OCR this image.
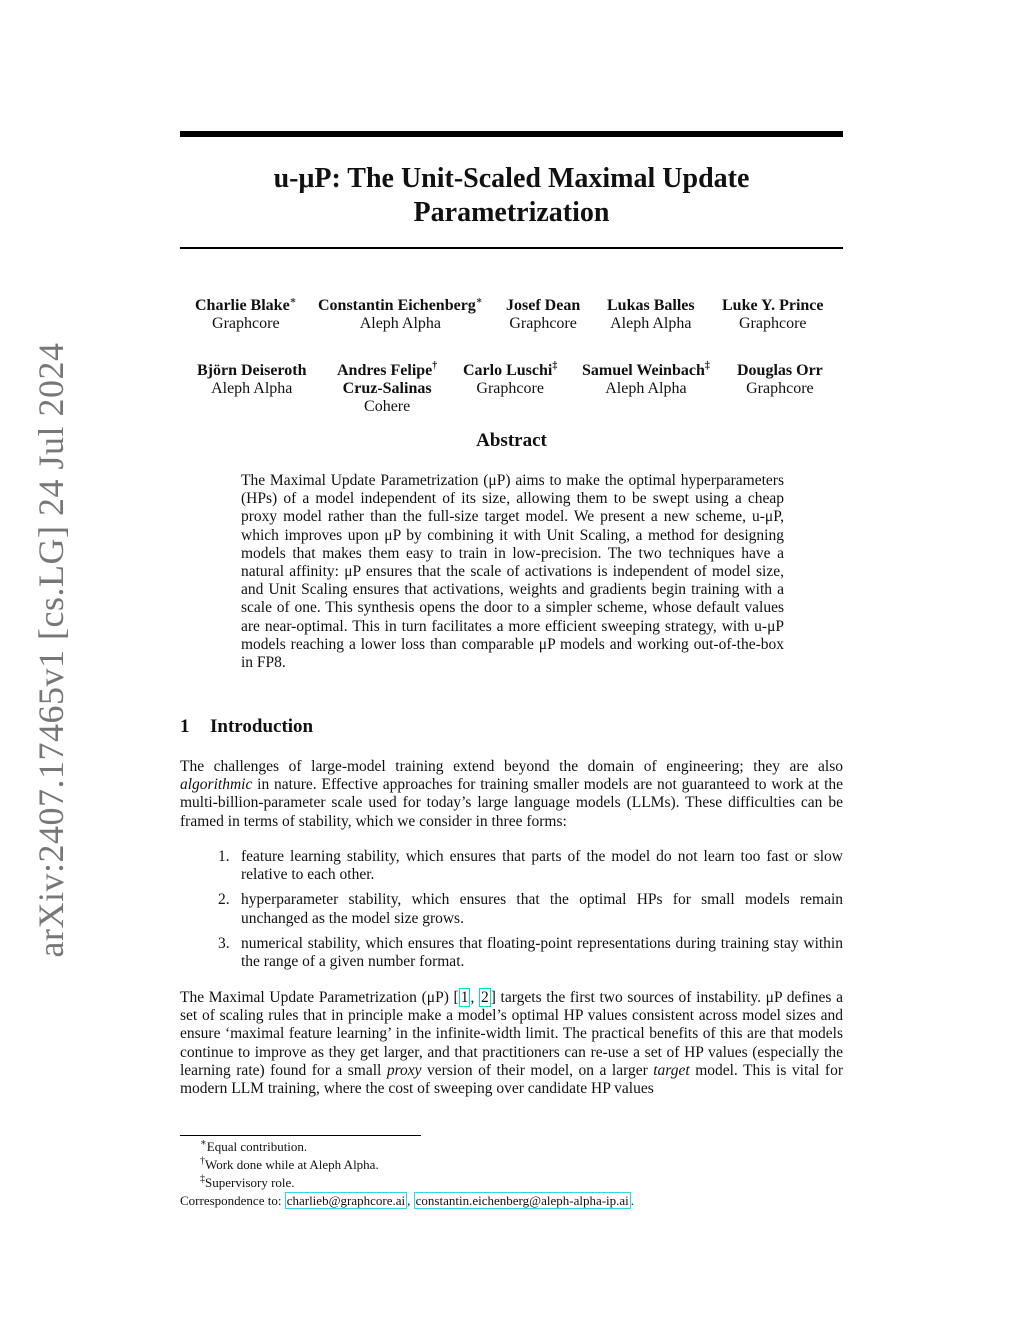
arXiv:2407.17465v1 [cs.LG] 24 Jul 2024
u-μP: The Unit-Scaled Maximal Update
Parametrization
Charlie Blake∗
Graphcore
Constantin Eichenberg∗
Aleph Alpha
Josef Dean
Graphcore
Lukas Balles
Aleph Alpha
Luke Y. Prince
Graphcore
Björn Deiseroth
Aleph Alpha
Andres Felipe†
Cruz-Salinas
Cohere
Carlo Luschi‡
Graphcore
Samuel Weinbach‡
Aleph Alpha
Douglas Orr
Graphcore
Abstract
The Maximal Update Parametrization (μP) aims to make the optimal hyperparameters (HPs) of a model independent of its size, allowing them to be swept using a cheap proxy model rather than the full-size target model. We present a new scheme, u-μP, which improves upon μP by combining it with Unit Scaling, a method for designing models that makes them easy to train in low-precision. The two techniques have a natural affinity: μP ensures that the scale of activations is independent of model size, and Unit Scaling ensures that activations, weights and gradients begin training with a scale of one. This synthesis opens the door to a simpler scheme, whose default values are near-optimal. This in turn facilitates a more efficient sweeping strategy, with u-μP models reaching a lower loss than comparable μP models and working out-of-the-box in FP8.
1 Introduction
The challenges of large-model training extend beyond the domain of engineering; they are also algorithmic in nature. Effective approaches for training smaller models are not guaranteed to work at the multi-billion-parameter scale used for today’s large language models (LLMs). These difficulties can be framed in terms of stability, which we consider in three forms:
1. feature learning stability, which ensures that parts of the model do not learn too fast or slow relative to each other.
2. hyperparameter stability, which ensures that the optimal HPs for small models remain unchanged as the model size grows.
3. numerical stability, which ensures that floating-point representations during training stay within the range of a given number format.
The Maximal Update Parametrization (μP) [ 1 , 2 ] targets the first two sources of instability. μP defines a set of scaling rules that in principle make a model’s optimal HP values consistent across model sizes and ensure ‘maximal feature learning’ in the infinite-width limit. The practical benefits of this are that models continue to improve as they get larger, and that practitioners can re-use a set of HP values (especially the learning rate) found for a small proxy version of their model, on a larger target model. This is vital for modern LLM training, where the cost of sweeping over candidate HP values
∗Equal contribution.
†Work done while at Aleph Alpha.
‡Supervisory role.
Correspondence to: charlieb@graphcore.ai , constantin.eichenberg@aleph-alpha-ip.ai .
